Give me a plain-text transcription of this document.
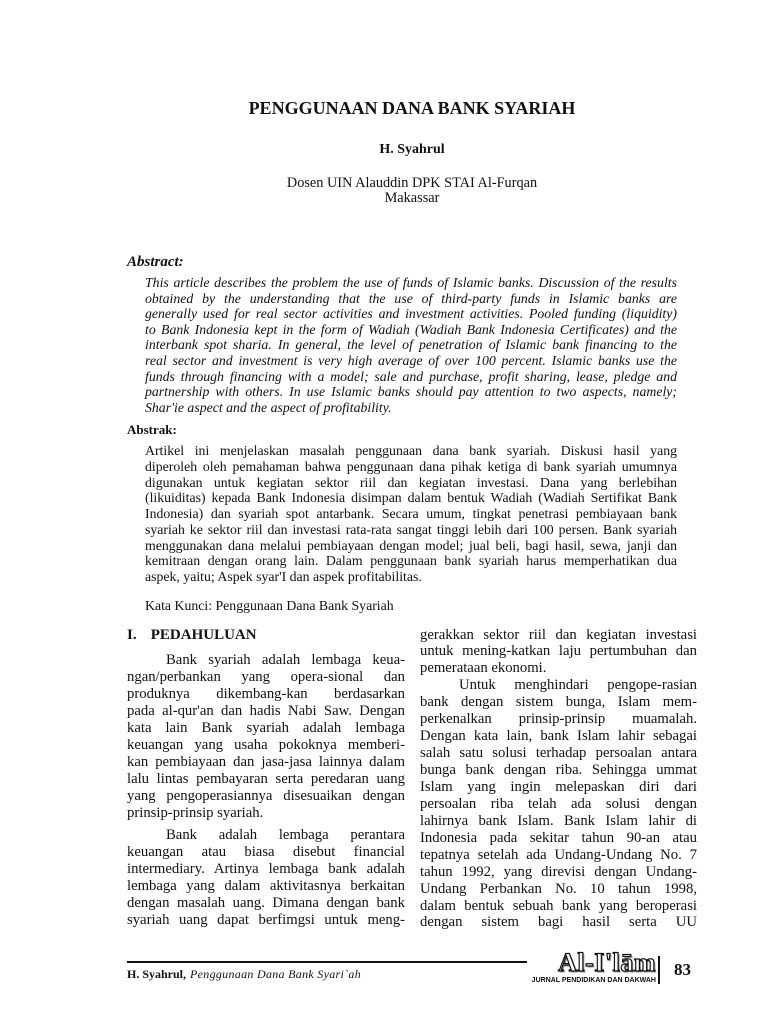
PENGGUNAAN DANA BANK SYARIAH
H. Syahrul
Dosen UIN Alauddin DPK STAI Al-Furqan
Makassar
Abstract:
This article describes the problem the use of funds of Islamic banks. Discussion of the results
obtained by the understanding that the use of third-party funds in Islamic banks are
generally used for real sector activities and investment activities. Pooled funding (liquidity)
to Bank Indonesia kept in the form of Wadiah (Wadiah Bank Indonesia Certificates) and the
interbank spot sharia. In general, the level of penetration of Islamic bank financing to the
real sector and investment is very high average of over 100 percent. Islamic banks use the
funds through financing with a model; sale and purchase, profit sharing, lease, pledge and
partnership with others. In use Islamic banks should pay attention to two aspects, namely;
Shar'ie aspect and the aspect of profitability.
Abstrak:
Artikel ini menjelaskan masalah penggunaan dana bank syariah. Diskusi hasil yang
diperoleh oleh pemahaman bahwa penggunaan dana pihak ketiga di bank syariah umumnya
digunakan untuk kegiatan sektor riil dan kegiatan investasi. Dana yang berlebihan
(likuiditas) kepada Bank Indonesia disimpan dalam bentuk Wadiah (Wadiah Sertifikat Bank
Indonesia) dan syariah spot antarbank. Secara umum, tingkat penetrasi pembiayaan bank
syariah ke sektor riil dan investasi rata-rata sangat tinggi lebih dari 100 persen. Bank syariah
menggunakan dana melalui pembiayaan dengan model; jual beli, bagi hasil, sewa, janji dan
kemitraan dengan orang lain. Dalam penggunaan bank syariah harus memperhatikan dua
aspek, yaitu; Aspek syar'I dan aspek profitabilitas.
Kata Kunci: Penggunaan Dana Bank Syariah
I. PEDAHULUAN
Bank syariah adalah lembaga keua-
ngan/perbankan yang opera-sional dan
produknya dikembang-kan berdasarkan
pada al-qur'an dan hadis Nabi Saw. Dengan
kata lain Bank syariah adalah lembaga
keuangan yang usaha pokoknya memberi-
kan pembiayaan dan jasa-jasa lainnya dalam
lalu lintas pembayaran serta peredaran uang
yang pengoperasiannya disesuaikan dengan
prinsip-prinsip syariah.
Bank adalah lembaga perantara
keuangan atau biasa disebut financial
intermediary. Artinya lembaga bank adalah
lembaga yang dalam aktivitasnya berkaitan
dengan masalah uang. Dimana dengan bank
syariah uang dapat berfimgsi untuk meng-
gerakkan sektor riil dan kegiatan investasi
untuk mening-katkan laju pertumbuhan dan
pemerataan ekonomi.
Untuk menghindari pengope-rasian
bank dengan sistem bunga, Islam mem-
perkenalkan prinsip-prinsip muamalah.
Dengan kata lain, bank Islam lahir sebagai
salah satu solusi terhadap persoalan antara
bunga bank dengan riba. Sehingga ummat
Islam yang ingin melepaskan diri dari
persoalan riba telah ada solusi dengan
lahirnya bank Islam. Bank Islam lahir di
Indonesia pada sekitar tahun 90-an atau
tepatnya setelah ada Undang-Undang No. 7
tahun 1992, yang direvisi dengan Undang-
Undang Perbankan No. 10 tahun 1998,
dalam bentuk sebuah bank yang beroperasi
dengan sistem bagi hasil serta UU
H. Syahrul, Penggunaan Dana Bank Syari`ah	Al-I'lām
JURNAL PENDIDIKAN DAN DAKWAH
83
